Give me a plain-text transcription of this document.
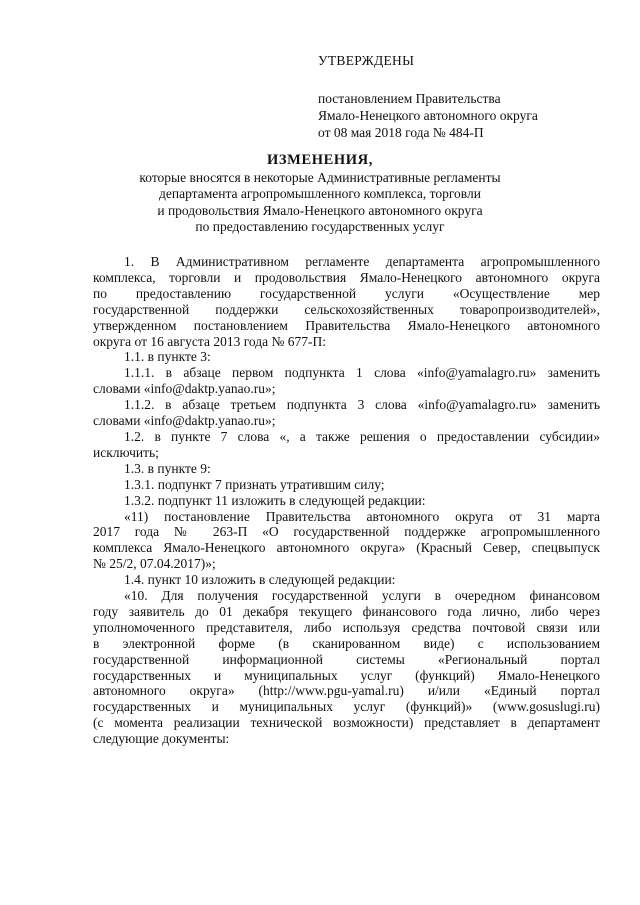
УТВЕРЖДЕНЫ
постановлением Правительства
Ямало-Ненецкого автономного округа
от 08 мая 2018 года № 484-П
ИЗМЕНЕНИЯ,
которые вносятся в некоторые Административные регламенты
департамента агропромышленного комплекса, торговли
и продовольствия Ямало-Ненецкого автономного округа
по предоставлению государственных услуг
1. В Административном регламенте департамента агропромышленного
комплекса, торговли и продовольствия Ямало-Ненецкого автономного округа
по предоставлению государственной услуги «Осуществление мер
государственной поддержки сельскохозяйственных товаропроизводителей»,
утвержденном постановлением Правительства Ямало-Ненецкого автономного
округа от 16 августа 2013 года № 677-П:
1.1. в пункте 3:
1.1.1. в абзаце первом подпункта 1 слова «info@yamalagro.ru» заменить
словами «info@daktp.yanao.ru»;
1.1.2. в абзаце третьем подпункта 3 слова «info@yamalagro.ru» заменить
словами «info@daktp.yanao.ru»;
1.2. в пункте 7 слова «, а также решения о предоставлении субсидии»
исключить;
1.3. в пункте 9:
1.3.1. подпункт 7 признать утратившим силу;
1.3.2. подпункт 11 изложить в следующей редакции:
«11) постановление Правительства автономного округа от 31 марта
2017 года № 263-П «О государственной поддержке агропромышленного
комплекса Ямало-Ненецкого автономного округа» (Красный Север, спецвыпуск
№ 25/2, 07.04.2017)»;
1.4. пункт 10 изложить в следующей редакции:
«10. Для получения государственной услуги в очередном финансовом
году заявитель до 01 декабря текущего финансового года лично, либо через
уполномоченного представителя, либо используя средства почтовой связи или
в электронной форме (в сканированном виде) с использованием
государственной информационной системы «Региональный портал
государственных и муниципальных услуг (функций) Ямало-Ненецкого
автономного округа» (http://www.pgu-yamal.ru) и/или «Единый портал
государственных и муниципальных услуг (функций)» (www.gosuslugi.ru)
(с момента реализации технической возможности) представляет в департамент
следующие документы:
